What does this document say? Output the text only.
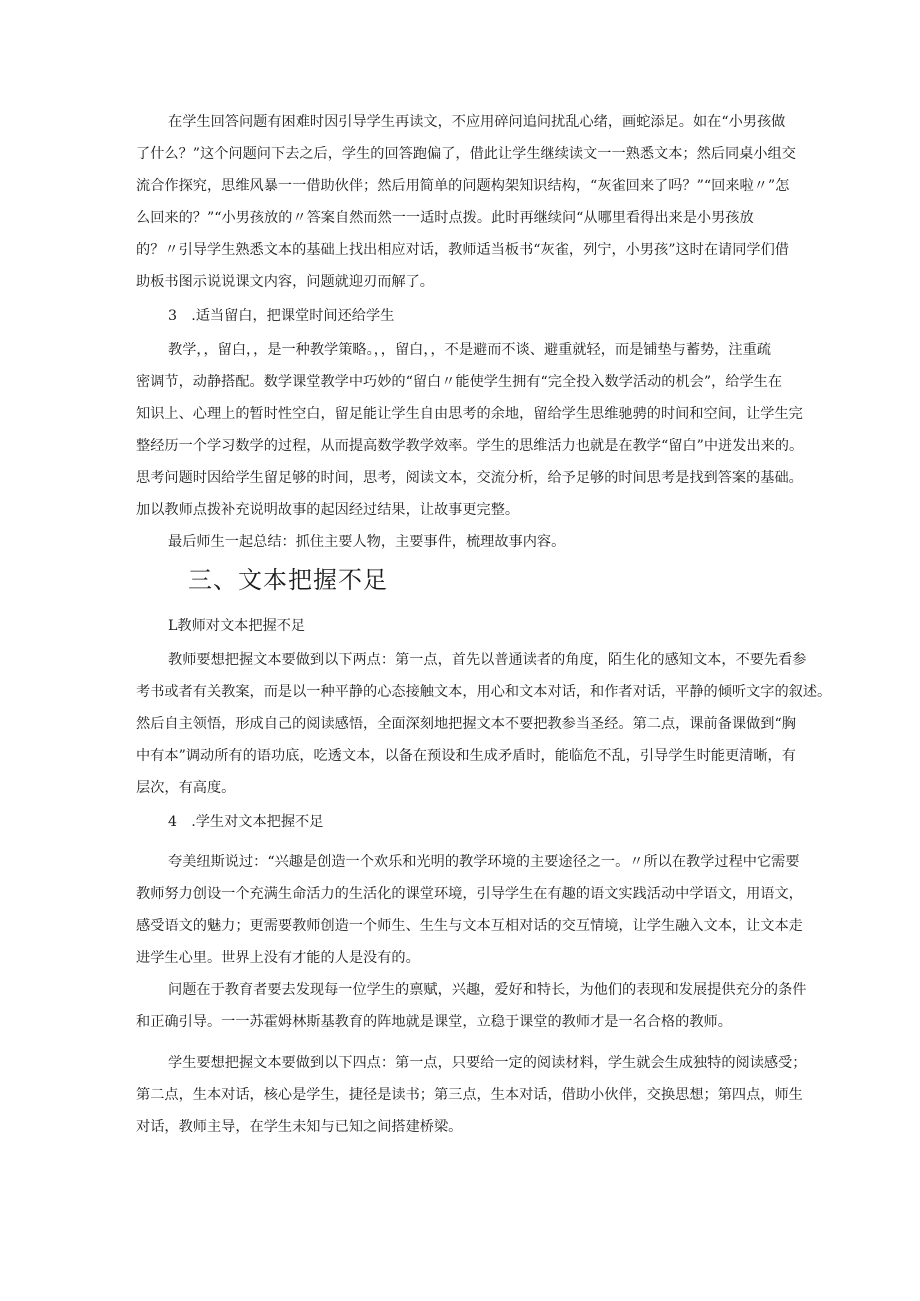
在学生回答问题有困难时因引导学生再读文，不应用碎问追问扰乱心绪，画蛇添足。如在“小男孩做
了什么？”这个问题问下去之后，学生的回答跑偏了，借此让学生继续读文一一熟悉文本；然后同桌小组交
流合作探究，思维风暴一一借助伙伴；然后用简单的问题构架知识结构，“灰雀回来了吗？”“回来啦〃”怎
么回来的？”“小男孩放的〃答案自然而然一一适时点拨。此时再继续问“从哪里看得出来是小男孩放
的？〃引导学生熟悉文本的基础上找出相应对话，教师适当板书“灰雀，列宁，小男孩”这时在请同学们借
助板书图示说说课文内容，问题就迎刃而解了。
3　.适当留白，把课堂时间还给学生
教学，，留白，，是一种教学策略。，，留白，，不是避而不谈、避重就轻，而是铺垫与蓄势，注重疏
密调节，动静搭配。数学课堂教学中巧妙的“留白〃能使学生拥有“完全投入数学活动的机会”，给学生在
知识上、心理上的暂时性空白，留足能让学生自由思考的余地，留给学生思维驰骋的时间和空间，让学生完
整经历一个学习数学的过程，从而提高数学教学效率。学生的思维活力也就是在教学“留白”中迸发出来的。
思考问题时因给学生留足够的时间，思考，阅读文本，交流分析，给予足够的时间思考是找到答案的基础。
加以教师点拨补充说明故事的起因经过结果，让故事更完整。
最后师生一起总结：抓住主要人物，主要事件，梳理故事内容。
三、文本把握不足
L教师对文本把握不足
教师要想把握文本要做到以下两点：第一点，首先以普通读者的角度，陌生化的感知文本，不要先看参
考书或者有关教案，而是以一种平静的心态接触文本，用心和文本对话，和作者对话，平静的倾听文字的叙述。
然后自主领悟，形成自己的阅读感悟，全面深刻地把握文本不要把教参当圣经。第二点，课前备课做到“胸
中有本”调动所有的语功底，吃透文本，以备在预设和生成矛盾时，能临危不乱，引导学生时能更清晰，有
层次，有高度。
4　.学生对文本把握不足
夸美纽斯说过：“兴趣是创造一个欢乐和光明的教学环境的主要途径之一。〃所以在教学过程中它需要
教师努力创设一个充满生命活力的生活化的课堂环境，引导学生在有趣的语文实践活动中学语文，用语文，
感受语文的魅力；更需要教师创造一个师生、生生与文本互相对话的交互情境，让学生融入文本，让文本走
进学生心里。世界上没有才能的人是没有的。
问题在于教育者要去发现每一位学生的禀赋，兴趣，爱好和特长，为他们的表现和发展提供充分的条件
和正确引导。一一苏霍姆林斯基教育的阵地就是课堂，立稳于课堂的教师才是一名合格的教师。
学生要想把握文本要做到以下四点：第一点，只要给一定的阅读材料，学生就会生成独特的阅读感受；
第二点，生本对话，核心是学生，捷径是读书；第三点，生本对话，借助小伙伴，交换思想；第四点，师生
对话，教师主导，在学生未知与已知之间搭建桥梁。
